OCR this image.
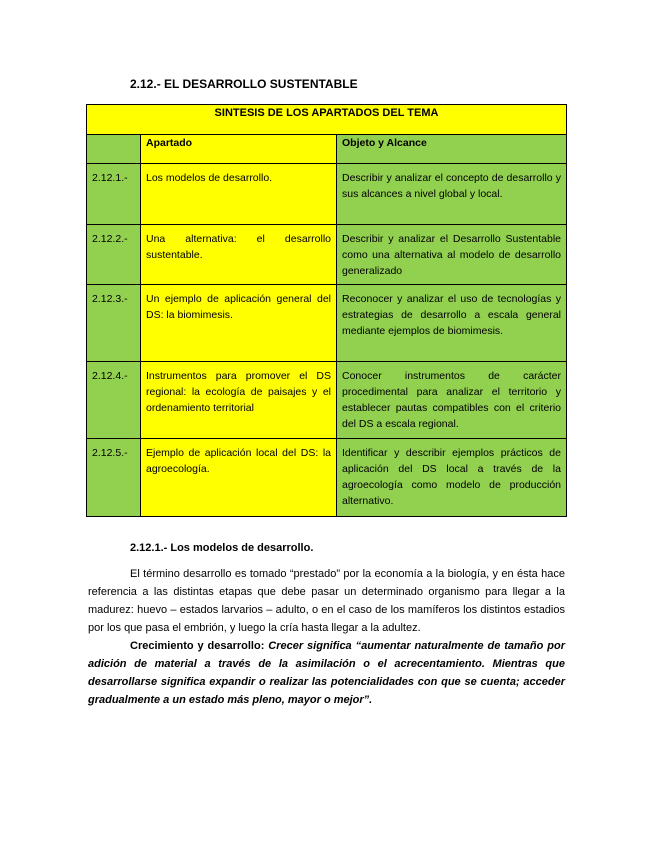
2.12.- EL DESARROLLO SUSTENTABLE
SINTESIS DE LOS APARTADOS DEL TEMA		
	Apartado	Objeto y Alcance
2.12.1.-	Los modelos de desarrollo.	Describir y analizar el concepto de desarrollo y sus alcances a nivel global y local.
2.12.2.-	Una alternativa: el desarrollo sustentable.	Describir y analizar el Desarrollo Sustentable como una alternativa al modelo de desarrollo generalizado
2.12.3.-	Un ejemplo de aplicación general del DS: la biomimesis.	Reconocer y analizar el uso de tecnologías y estrategias de desarrollo a escala general mediante ejemplos de biomimesis.
2.12.4.-	Instrumentos para promover el DS regional: la ecología de paisajes y el ordenamiento territorial	Conocer instrumentos de carácter procedimental para analizar el territorio y establecer pautas compatibles con el criterio del DS a escala regional.
2.12.5.-	Ejemplo de aplicación local del DS: la agroecología.	Identificar y describir ejemplos prácticos de aplicación del DS local a través de la agroecología como modelo de producción alternativo.
2.12.1.- Los modelos de desarrollo.

El término desarrollo es tomado “prestado” por la economía a la biología, y en ésta hace referencia a las distintas etapas que debe pasar un determinado organismo para llegar a la madurez: huevo – estados larvarios – adulto, o en el caso de los mamíferos los distintos estadios por los que pasa el embrión, y luego la cría hasta llegar a la adultez.

Crecimiento y desarrollo: Crecer significa “aumentar naturalmente de tamaño por adición de material a través de la asimilación o el acrecentamiento. Mientras que desarrollarse significa expandir o realizar las potencialidades con que se cuenta; acceder gradualmente a un estado más pleno, mayor o mejor”.
